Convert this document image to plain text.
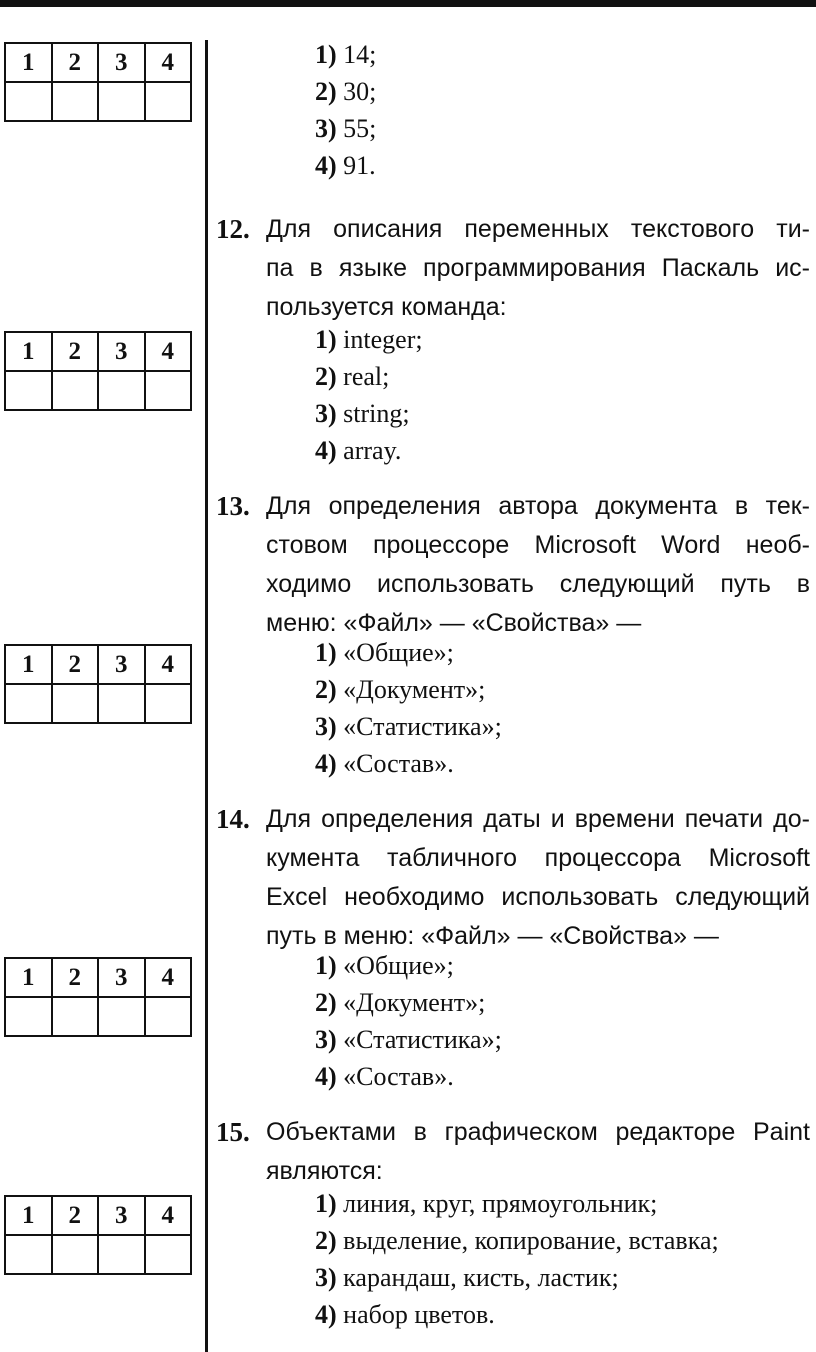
1	2	3	4

1	2	3	4

1	2	3	4

1	2	3	4

1	2	3	4

1) 14;
2) 30;
3) 55;
4) 91.
12. Для описания переменных текстового ти-
па в языке программирования Паскаль ис-
пользуется команда:
1) integer;
2) real;
3) string;
4) array.
13. Для определения автора документа в тек-
стовом процессоре Microsoft Word необ-
ходимо использовать следующий путь в
меню: «Файл» — «Свойства» —
1) «Общие»;
2) «Документ»;
3) «Статистика»;
4) «Состав».
14. Для определения даты и времени печати до-
кумента табличного процессора Microsoft
Excel необходимо использовать следующий
путь в меню: «Файл» — «Свойства» —
1) «Общие»;
2) «Документ»;
3) «Статистика»;
4) «Состав».
15. Объектами в графическом редакторе Paint
являются:
1) линия, круг, прямоугольник;
2) выделение, копирование, вставка;
3) карандаш, кисть, ластик;
4) набор цветов.
